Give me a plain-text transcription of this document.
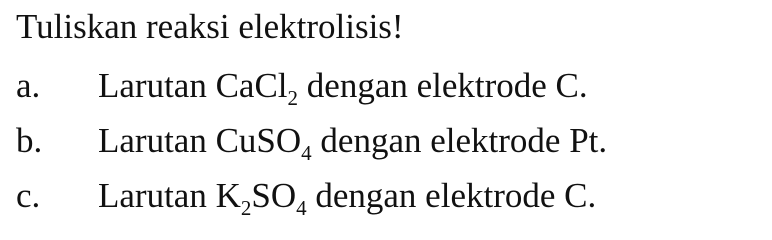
Tuliskan reaksi elektrolisis!
a. Larutan CaCl$_2$ dengan elektrode C.
b. Larutan CuSO$_4$ dengan elektrode Pt.
c. Larutan $K_2SO_4$ dengan elektrode C.
